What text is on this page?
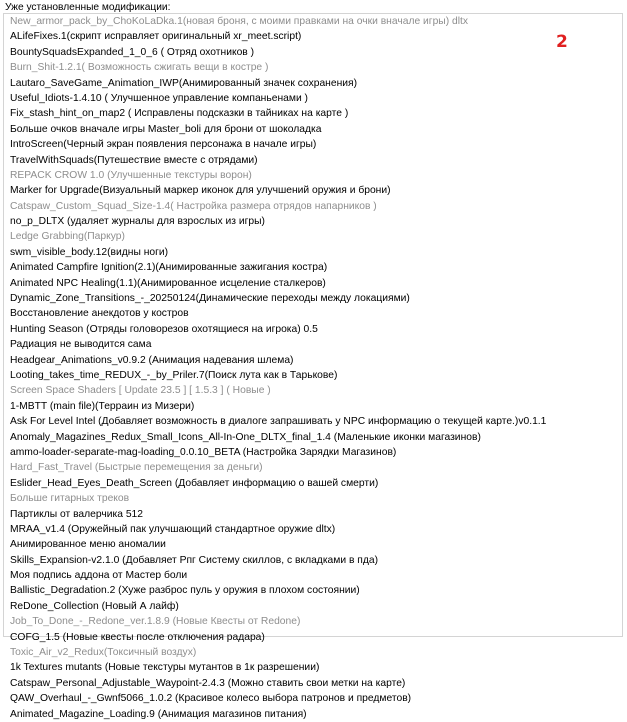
Уже установленные модификации:
New_armor_pack_by_ChoKoLaDka.1(новая броня, с моими правками на очки вначале игры) dltx
ALifeFixes.1(скрипт исправляет оригинальный xr_meet.script)
BountySquadsExpanded_1_0_6 ( Отряд охотников )
Burn_Shit-1.2.1( Возможность сжигать вещи в костре )
Lautaro_SaveGame_Animation_IWP(Анимированный значек сохранения)
Useful_Idiots-1.4.10 ( Улучшенное управление компаньенами )
Fix_stash_hint_on_map2 ( Исправлены подсказки в тайниках на карте )
Больше очков вначале игры Master_boli для брони от шоколадка
IntroScreen(Черный экран появления персонажа в начале игры)
TravelWithSquads(Путешествие вместе с отрядами)
REPACK CROW 1.0 (Улучшенные текстуры ворон)
Marker for Upgrade(Визуальный маркер иконок для улучшений оружия и брони)
Catspaw_Custom_Squad_Size-1.4( Настройка размера отрядов напарников )
no_p_DLTX (удаляет журналы для взрослых из игры)
Ledge Grabbing(Паркур)
swm_visible_body.12(видны ноги)
Animated Campfire Ignition(2.1)(Анимированные зажигания костра)
Animated NPC Healing(1.1)(Анимированное исцеление сталкеров)
Dynamic_Zone_Transitions_-_20250124(Динамические переходы между локациями)
Восстановление анекдотов у костров
Hunting Season (Отряды головорезов охотящиеся на игрока) 0.5
Радиация не выводится сама
Headgear_Animations_v0.9.2 (Анимация надевания шлема)
Looting_takes_time_REDUX_-_by_Priler.7(Поиск лута как в Тарькове)
Screen Space Shaders [ Update 23.5 ] [ 1.5.3 ] ( Новые )
1-MBTT (main file)(Терраин из Мизери)
Ask For Level Intel (Добавляет возможность в диалоге запрашивать у NPC информацию о текущей карте.)v0.1.1
Anomaly_Magazines_Redux_Small_Icons_All-In-One_DLTX_final_1.4 (Маленькие иконки магазинов)
ammo-loader-separate-mag-loading_0.0.10_BETA (Настройка Зарядки Магазинов)
Hard_Fast_Travel (Быстрые перемещения за деньги)
Eslider_Head_Eyes_Death_Screen (Добавляет информацию о вашей смерти)
Больше гитарных треков
Партиклы от валерчика 512
MRAA_v1.4 (Оружейный пак улучшающий стандартное оружие dltx)
Анимированное меню аномалии
Skills_Expansion-v2.1.0 (Добавляет Рпг Систему скиллов, с вкладками в пда)
Моя подпись аддона от Мастер боли
Ballistic_Degradation.2 (Хуже разброс пуль у оружия в плохом состоянии)
ReDone_Collection (Новый А лайф)
Job_To_Done_-_Redone_ver.1.8.9 (Новые Квесты от Redone)
COFG_1.5 (Новые квесты после отключения радара)
Toxic_Air_v2_Redux(Токсичный воздух)
1k Textures mutants (Новые текстуры мутантов в 1к разрешении)
Catspaw_Personal_Adjustable_Waypoint-2.4.3 (Можно ставить свои метки на карте)
QAW_Overhaul_-_Gwnf5066_1.0.2 (Красивое колесо выбора патронов и предметов)
Animated_Magazine_Loading.9 (Анимация магазинов питания)
2
